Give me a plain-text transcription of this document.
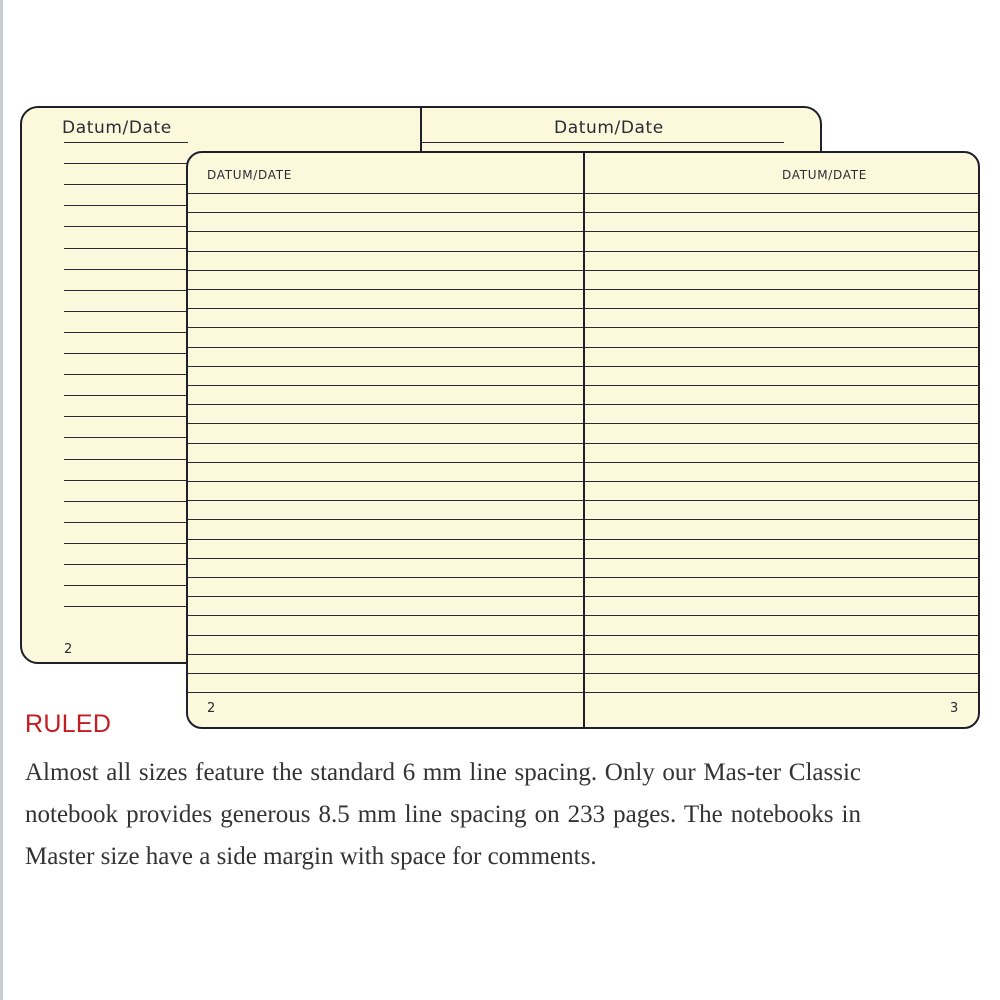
Datum/Date	Datum/Date
2
DATUM/DATE	DATUM/DATE
2	3
RULED

Almost all sizes feature the standard 6 mm line spacing. Only our Mas-ter Classic notebook provides generous 8.5 mm line spacing on 233 pages. The notebooks in Master size have a side margin with space for comments.
